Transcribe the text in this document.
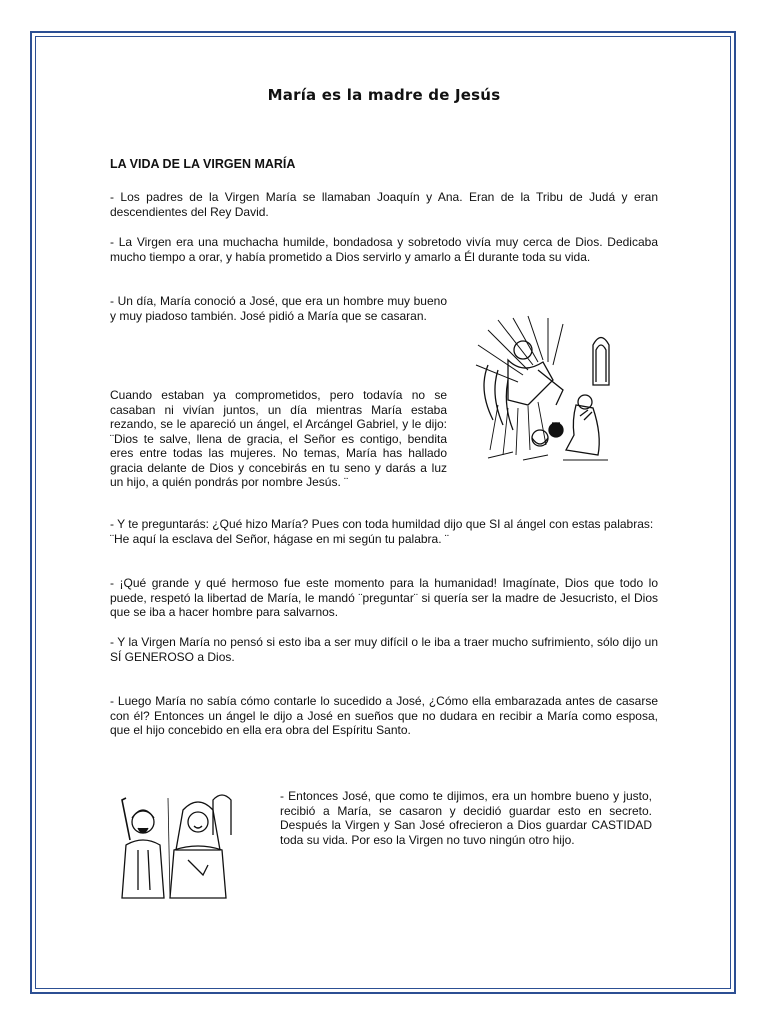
María es la madre de Jesús
LA VIDA DE LA VIRGEN MARÍA

- Los padres de la Virgen María se llamaban Joaquín y Ana. Eran de la Tribu de Judá y eran descendientes del Rey David.

- La Virgen era una muchacha humilde, bondadosa y sobretodo vivía muy cerca de Dios. Dedicaba mucho tiempo a orar, y había prometido a Dios servirlo y amarlo a Él durante toda su vida.

- Un día, María conoció a José, que era un hombre muy bueno y muy piadoso también. José pidió a María que se casaran.

Cuando estaban ya comprometidos, pero todavía no se casaban ni vivían juntos, un día mientras María estaba rezando, se le apareció un ángel, el Arcángel Gabriel, y le dijo: ¨Dios te salve, llena de gracia, el Señor es contigo, bendita eres entre todas las mujeres. No temas, María has hallado gracia delante de Dios y concebirás en tu seno y darás a luz un hijo, a quién pondrás por nombre Jesús. ¨

- Y te preguntarás: ¿Qué hizo María? Pues con toda humildad dijo que SI al ángel con estas palabras:
¨He aquí la esclava del Señor, hágase en mi según tu palabra. ¨

- ¡Qué grande y qué hermoso fue este momento para la humanidad! Imagínate, Dios que todo lo puede, respetó la libertad de María, le mandó ¨preguntar¨ si quería ser la madre de Jesucristo, el Dios que se iba a hacer hombre para salvarnos.

- Y la Virgen María no pensó si esto iba a ser muy difícil o le iba a traer mucho sufrimiento, sólo dijo un SÍ GENEROSO a Dios.

- Luego María no sabía cómo contarle lo sucedido a José, ¿Cómo ella embarazada antes de casarse con él? Entonces un ángel le dijo a José en sueños que no dudara en recibir a María como esposa, que el hijo concebido en ella era obra del Espíritu Santo.

- Entonces José, que como te dijimos, era un hombre bueno y justo, recibió a María, se casaron y decidió guardar esto en secreto. Después la Virgen y San José ofrecieron a Dios guardar CASTIDAD toda su vida. Por eso la Virgen no tuvo ningún otro hijo.
